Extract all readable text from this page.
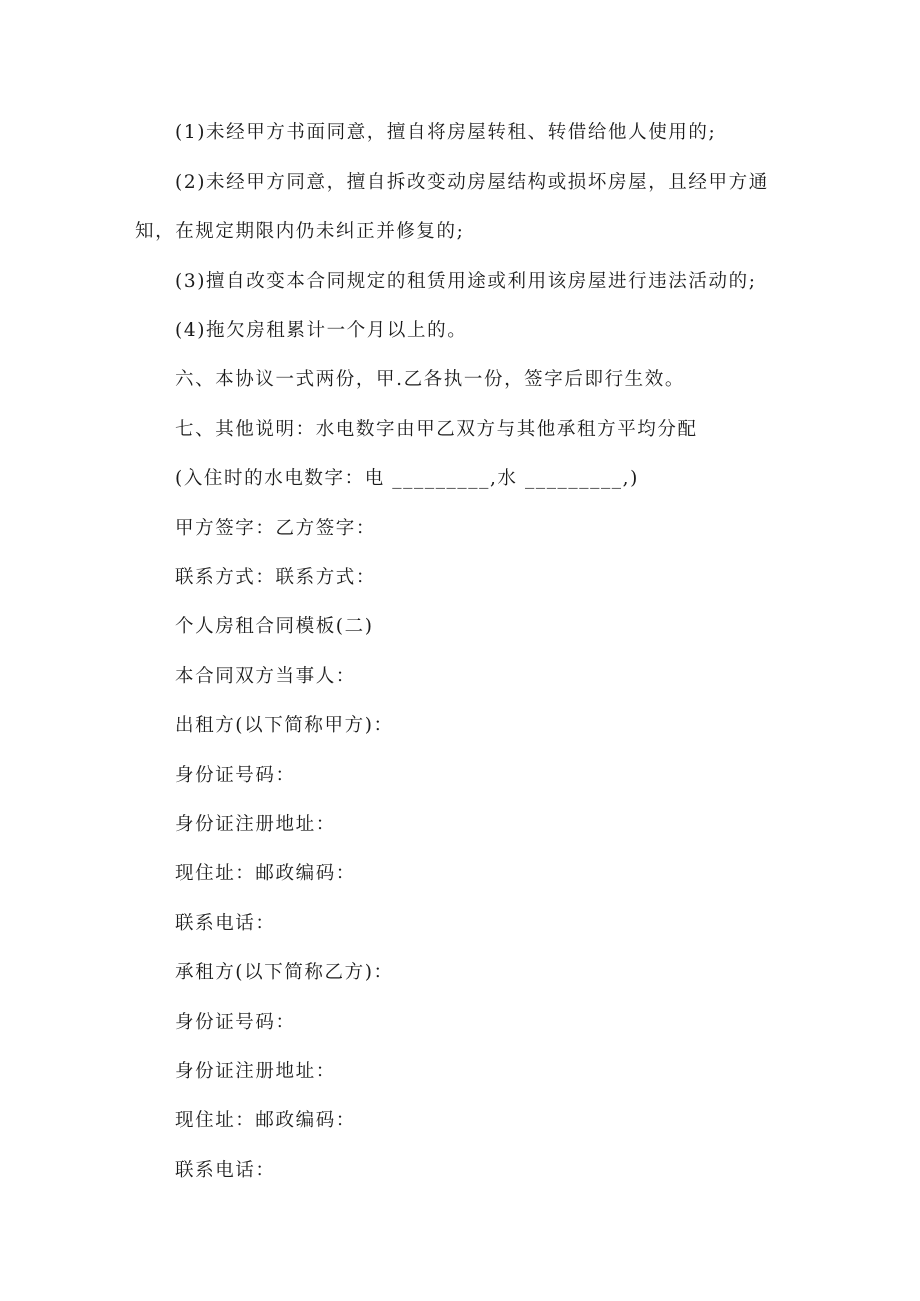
(1)未经甲方书面同意，擅自将房屋转租、转借给他人使用的;
(2)未经甲方同意，擅自拆改变动房屋结构或损坏房屋，且经甲方通
知，在规定期限内仍未纠正并修复的;
(3)擅自改变本合同规定的租赁用途或利用该房屋进行违法活动的;
(4)拖欠房租累计一个月以上的。
六、本协议一式两份，甲.乙各执一份，签字后即行生效。
七、其他说明：水电数字由甲乙双方与其他承租方平均分配
(入住时的水电数字：电 _________,水 _________,)
甲方签字：乙方签字：
联系方式：联系方式：
个人房租合同模板(二)
本合同双方当事人：
出租方(以下简称甲方)：
身份证号码：
身份证注册地址：
现住址：邮政编码：
联系电话：
承租方(以下简称乙方)：
身份证号码：
身份证注册地址：
现住址：邮政编码：
联系电话：
